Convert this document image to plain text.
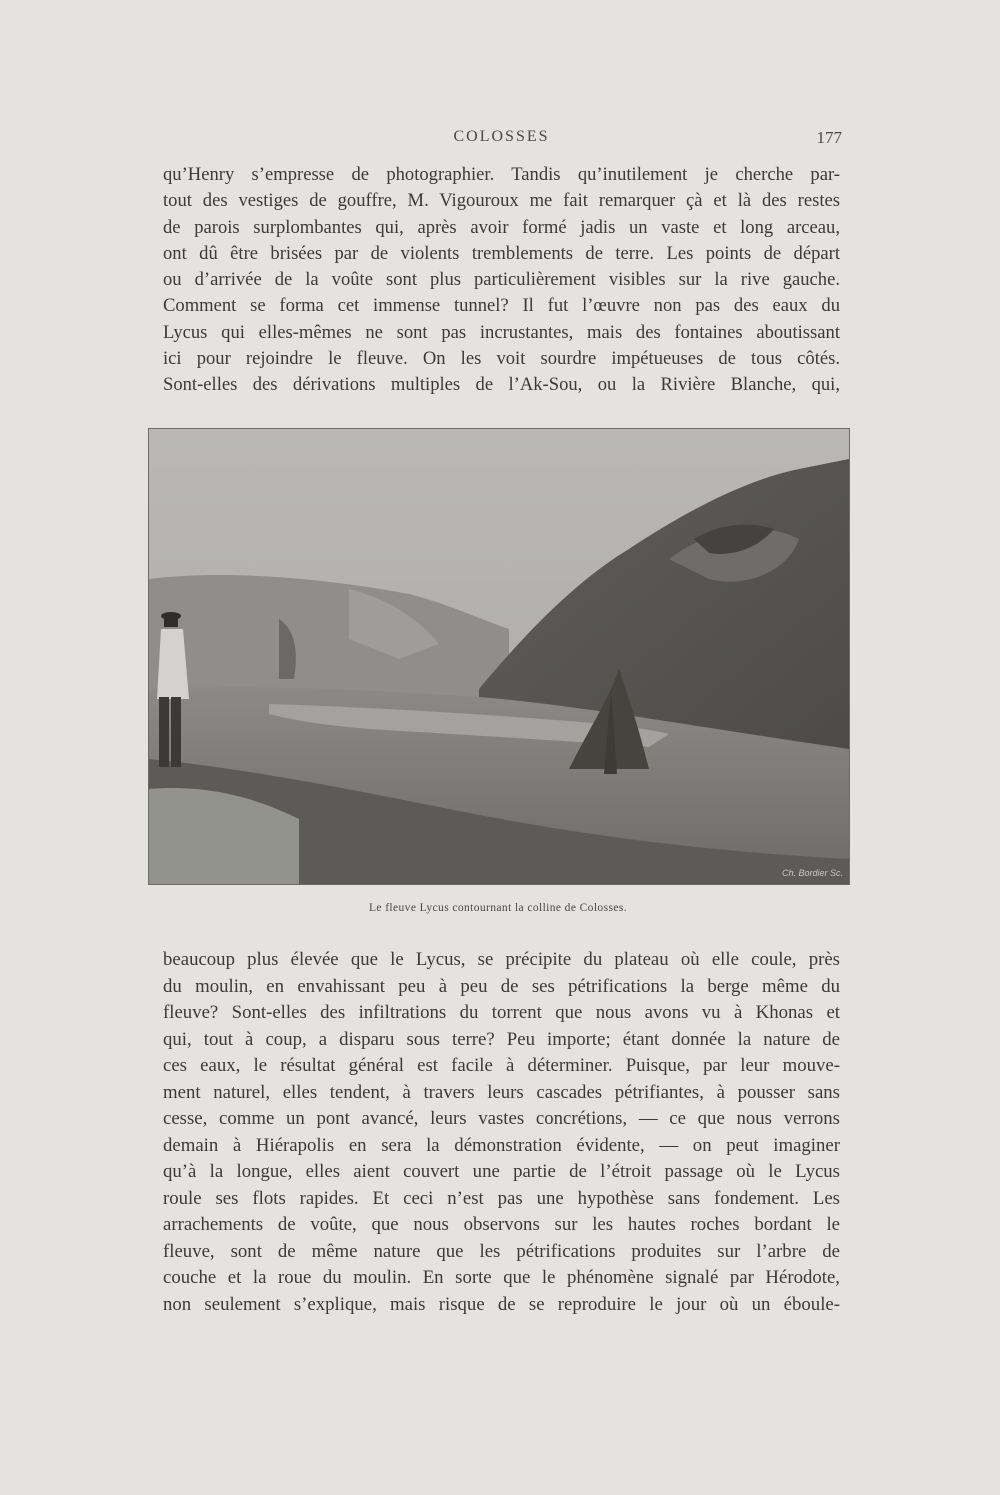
COLOSSES	177
qu’Henry s’empresse de photographier. Tandis qu’inutilement je cherche par-
tout des vestiges de gouffre, M. Vigouroux me fait remarquer çà et là des restes
de parois surplombantes qui, après avoir formé jadis un vaste et long arceau,
ont dû être brisées par de violents tremblements de terre. Les points de départ
ou d’arrivée de la voûte sont plus particulièrement visibles sur la rive gauche.
Comment se forma cet immense tunnel? Il fut l’œuvre non pas des eaux du
Lycus qui elles-mêmes ne sont pas incrustantes, mais des fontaines aboutissant
ici pour rejoindre le fleuve. On les voit sourdre impétueuses de tous côtés.
Sont-elles des dérivations multiples de l’Ak-Sou, ou la Rivière Blanche, qui,
Ch. Bordier Sc.
Le fleuve Lycus contournant la colline de Colosses.
beaucoup plus élevée que le Lycus, se précipite du plateau où elle coule, près
du moulin, en envahissant peu à peu de ses pétrifications la berge même du
fleuve? Sont-elles des infiltrations du torrent que nous avons vu à Khonas et
qui, tout à coup, a disparu sous terre? Peu importe; étant donnée la nature de
ces eaux, le résultat général est facile à déterminer. Puisque, par leur mouve-
ment naturel, elles tendent, à travers leurs cascades pétrifiantes, à pousser sans
cesse, comme un pont avancé, leurs vastes concrétions, — ce que nous verrons
demain à Hiérapolis en sera la démonstration évidente, — on peut imaginer
qu’à la longue, elles aient couvert une partie de l’étroit passage où le Lycus
roule ses flots rapides. Et ceci n’est pas une hypothèse sans fondement. Les
arrachements de voûte, que nous observons sur les hautes roches bordant le
fleuve, sont de même nature que les pétrifications produites sur l’arbre de
couche et la roue du moulin. En sorte que le phénomène signalé par Hérodote,
non seulement s’explique, mais risque de se reproduire le jour où un éboule-
